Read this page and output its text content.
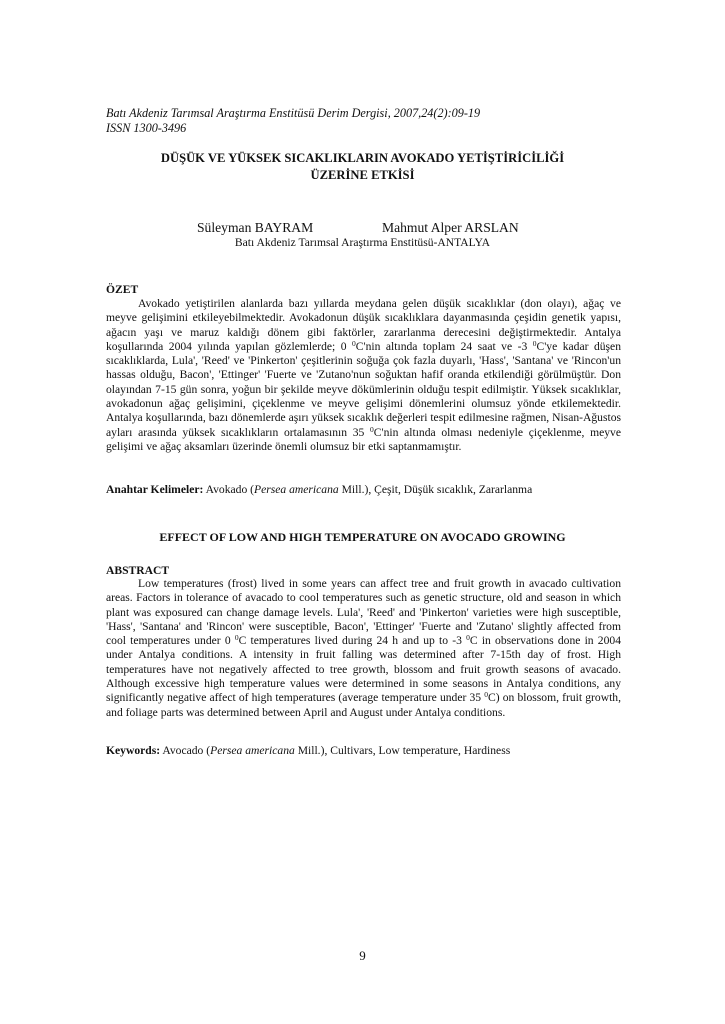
Batı Akdeniz Tarımsal Araştırma Enstitüsü Derim Dergisi, 2007,24(2):09-19
ISSN 1300-3496
DÜŞÜK VE YÜKSEK SICAKLIKLARIN AVOKADO YETİŞTİRİCİLİĞİ
ÜZERİNE ETKİSİ
Süleyman BAYRAM	Mahmut Alper ARSLAN
Batı Akdeniz Tarımsal Araştırma Enstitüsü-ANTALYA
ÖZET

Avokado yetiştirilen alanlarda bazı yıllarda meydana gelen düşük sıcaklıklar (don olayı), ağaç ve meyve gelişimini etkileyebilmektedir. Avokadonun düşük sıcaklıklara dayanmasında çeşidin genetik yapısı, ağacın yaşı ve maruz kaldığı dönem gibi faktörler, zararlanma derecesini değiştirmektedir. Antalya koşullarında 2004 yılında yapılan gözlemlerde; 0 $^0$C'nin altında toplam 24 saat ve -3 $^0$C'ye kadar düşen sıcaklıklarda, Lula', 'Reed' ve 'Pinkerton' çeşitlerinin soğuğa çok fazla duyarlı, 'Hass', 'Santana' ve 'Rincon'un hassas olduğu, Bacon', 'Ettinger' 'Fuerte ve 'Zutano'nun soğuktan hafif oranda etkilendiği görülmüştür. Don olayından 7-15 gün sonra, yoğun bir şekilde meyve dökümlerinin olduğu tespit edilmiştir. Yüksek sıcaklıklar, avokadonun ağaç gelişimini, çiçeklenme ve meyve gelişimi dönemlerini olumsuz yönde etkilemektedir. Antalya koşullarında, bazı dönemlerde aşırı yüksek sıcaklık değerleri tespit edilmesine rağmen, Nisan-Ağustos ayları arasında yüksek sıcaklıkların ortalamasının 35 $^0$C'nin altında olması nedeniyle çiçeklenme, meyve gelişimi ve ağaç aksamları üzerinde önemli olumsuz bir etki saptanmamıştır.

Anahtar Kelimeler: Avokado (Persea americana Mill.), Çeşit, Düşük sıcaklık, Zararlanma
EFFECT OF LOW AND HIGH TEMPERATURE ON AVOCADO GROWING
ABSTRACT

Low temperatures (frost) lived in some years can affect tree and fruit growth in avacado cultivation areas. Factors in tolerance of avacado to cool temperatures such as genetic structure, old and season in which plant was exposured can change damage levels. Lula', 'Reed' and 'Pinkerton' varieties were high susceptible, 'Hass', 'Santana' and 'Rincon' were susceptible, Bacon', 'Ettinger' 'Fuerte and 'Zutano' slightly affected from cool temperatures under 0 $^0$C temperatures lived during 24 h and up to -3 $^0$C in observations done in 2004 under Antalya conditions. A intensity in fruit falling was determined after 7-15th day of frost. High temperatures have not negatively affected to tree growth, blossom and fruit growth seasons of avacado. Although excessive high temperature values were determined in some seasons in Antalya conditions, any significantly negative affect of high temperatures (average temperature under 35 $^0$C) on blossom, fruit growth, and foliage parts was determined between April and August under Antalya conditions.

Keywords: Avocado (Persea americana Mill.), Cultivars, Low temperature, Hardiness
9
